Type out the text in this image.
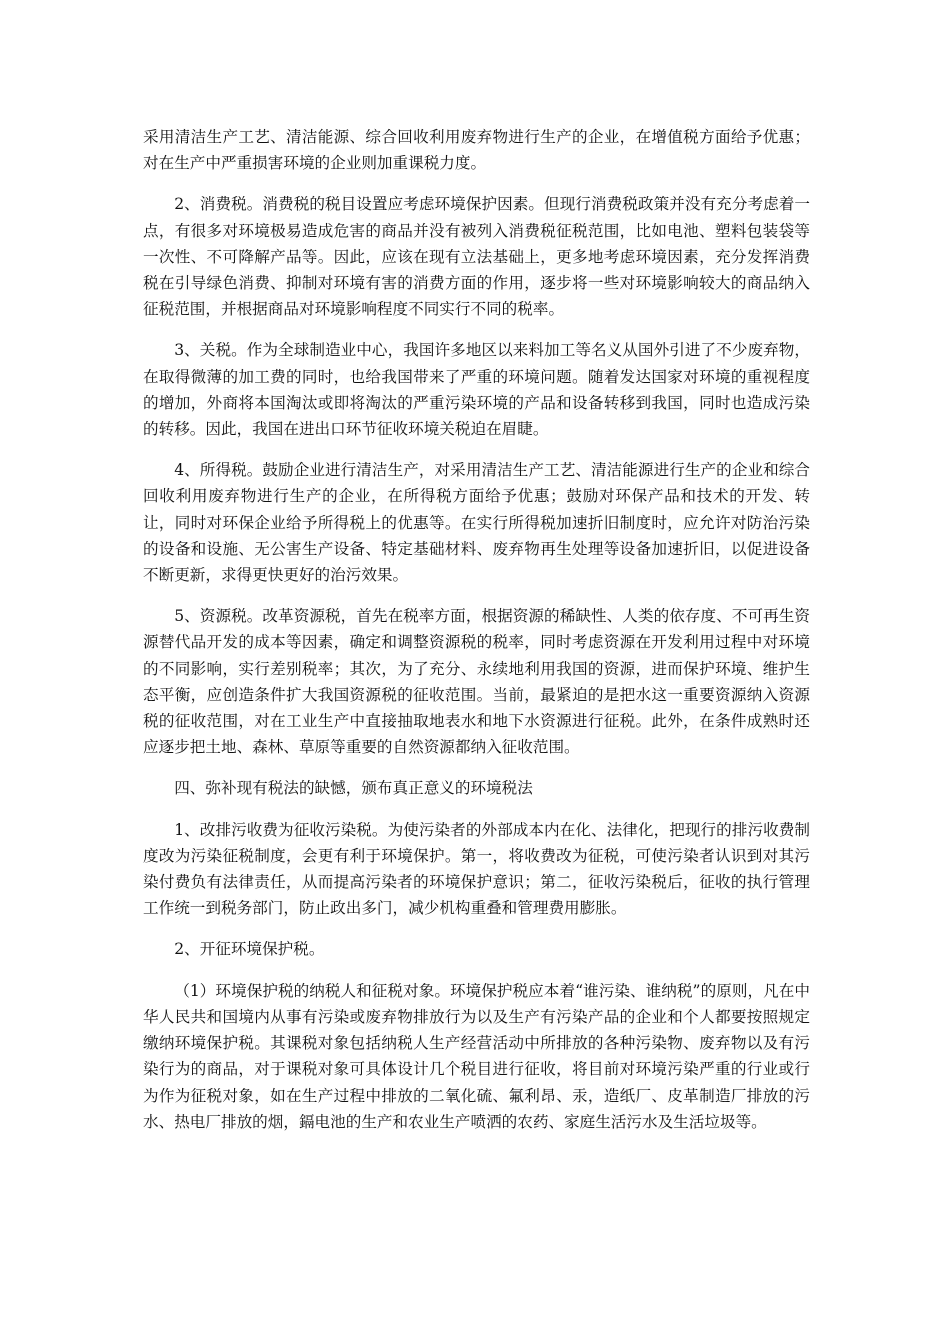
采用清洁生产工艺、清洁能源、综合回收利用废弃物进行生产的企业，在增值税方面给予优惠；对在生产中严重损害环境的企业则加重课税力度。

2、消费税。消费税的税目设置应考虑环境保护因素。但现行消费税政策并没有充分考虑着一点，有很多对环境极易造成危害的商品并没有被列入消费税征税范围，比如电池、塑料包装袋等一次性、不可降解产品等。因此，应该在现有立法基础上，更多地考虑环境因素，充分发挥消费税在引导绿色消费、抑制对环境有害的消费方面的作用，逐步将一些对环境影响较大的商品纳入征税范围，并根据商品对环境影响程度不同实行不同的税率。

3、关税。作为全球制造业中心，我国许多地区以来料加工等名义从国外引进了不少废弃物，在取得微薄的加工费的同时，也给我国带来了严重的环境问题。随着发达国家对环境的重视程度的增加，外商将本国淘汰或即将淘汰的严重污染环境的产品和设备转移到我国，同时也造成污染的转移。因此，我国在进出口环节征收环境关税迫在眉睫。

4、所得税。鼓励企业进行清洁生产，对采用清洁生产工艺、清洁能源进行生产的企业和综合回收利用废弃物进行生产的企业，在所得税方面给予优惠；鼓励对环保产品和技术的开发、转让，同时对环保企业给予所得税上的优惠等。在实行所得税加速折旧制度时，应允许对防治污染的设备和设施、无公害生产设备、特定基础材料、废弃物再生处理等设备加速折旧，以促进设备不断更新，求得更快更好的治污效果。

5、资源税。改革资源税，首先在税率方面，根据资源的稀缺性、人类的依存度、不可再生资源替代品开发的成本等因素，确定和调整资源税的税率，同时考虑资源在开发利用过程中对环境的不同影响，实行差别税率；其次，为了充分、永续地利用我国的资源，进而保护环境、维护生态平衡，应创造条件扩大我国资源税的征收范围。当前，最紧迫的是把水这一重要资源纳入资源税的征收范围，对在工业生产中直接抽取地表水和地下水资源进行征税。此外，在条件成熟时还应逐步把土地、森林、草原等重要的自然资源都纳入征收范围。

四、弥补现有税法的缺憾，颁布真正意义的环境税法

1、改排污收费为征收污染税。为使污染者的外部成本内在化、法律化，把现行的排污收费制度改为污染征税制度，会更有利于环境保护。第一，将收费改为征税，可使污染者认识到对其污染付费负有法律责任，从而提高污染者的环境保护意识；第二，征收污染税后，征收的执行管理工作统一到税务部门，防止政出多门，减少机构重叠和管理费用膨胀。

2、开征环境保护税。

（1）环境保护税的纳税人和征税对象。环境保护税应本着“谁污染、谁纳税”的原则，凡在中华人民共和国境内从事有污染或废弃物排放行为以及生产有污染产品的企业和个人都要按照规定缴纳环境保护税。其课税对象包括纳税人生产经营活动中所排放的各种污染物、废弃物以及有污染行为的商品，对于课税对象可具体设计几个税目进行征收，将目前对环境污染严重的行业或行为作为征税对象，如在生产过程中排放的二氧化硫、氟利昂、汞，造纸厂、皮革制造厂排放的污水、热电厂排放的烟，鎘电池的生产和农业生产喷洒的农药、家庭生活污水及生活垃圾等。
